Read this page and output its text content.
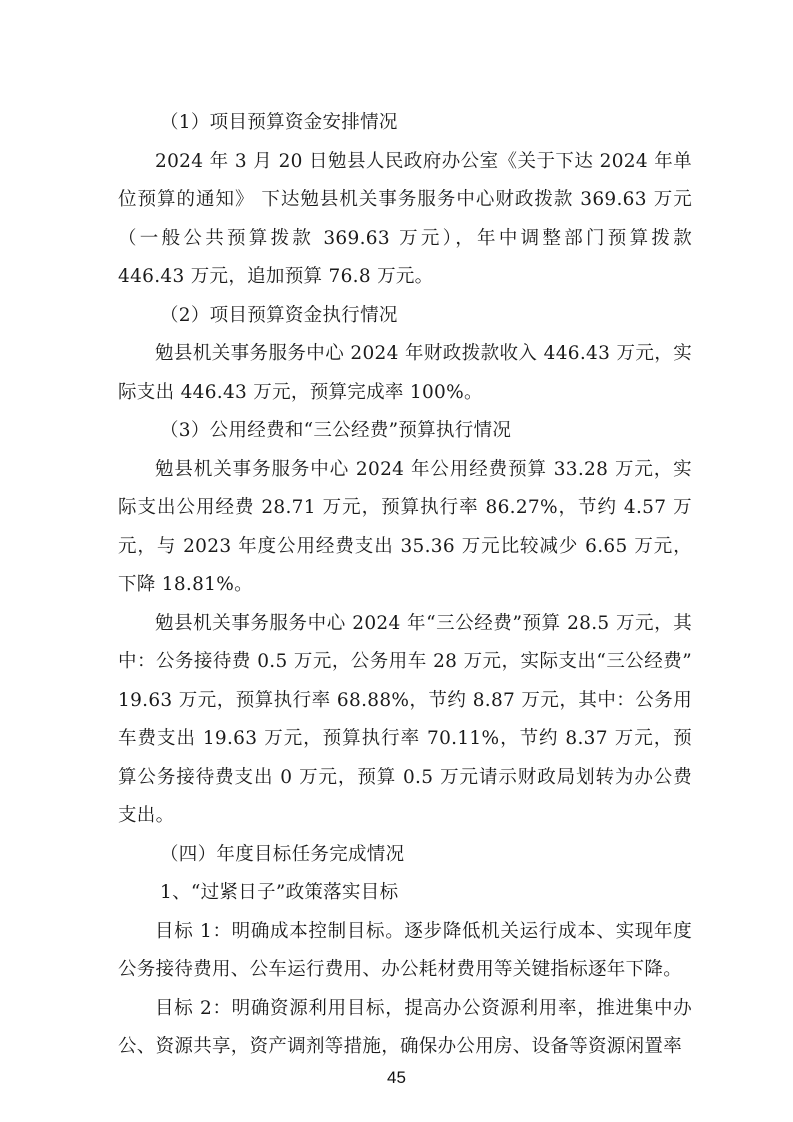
（1）项目预算资金安排情况

2024 年 3 月 20 日勉县人民政府办公室《关于下达 2024 年单位预算的通知》 下达勉县机关事务服务中心财政拨款 369.63 万元（一般公共预算拨款 369.63 万元），年中调整部门预算拨款 446.43 万元，追加预算 76.8 万元。

（2）项目预算资金执行情况

勉县机关事务服务中心 2024 年财政拨款收入 446.43 万元，实际支出 446.43 万元，预算完成率 100%。

（3）公用经费和“三公经费”预算执行情况

勉县机关事务服务中心 2024 年公用经费预算 33.28 万元，实际支出公用经费 28.71 万元，预算执行率 86.27%，节约 4.57 万元，与 2023 年度公用经费支出 35.36 万元比较减少 6.65 万元，下降 18.81%。

勉县机关事务服务中心 2024 年“三公经费”预算 28.5 万元，其中：公务接待费 0.5 万元，公务用车 28 万元，实际支出“三公经费” 19.63 万元，预算执行率 68.88%，节约 8.87 万元，其中：公务用车费支出 19.63 万元，预算执行率 70.11%，节约 8.37 万元，预算公务接待费支出 0 万元，预算 0.5 万元请示财政局划转为办公费支出。

（四）年度目标任务完成情况

1、“过紧日子”政策落实目标

目标 1：明确成本控制目标。逐步降低机关运行成本、实现年度公务接待费用、公车运行费用、办公耗材费用等关键指标逐年下降。

目标 2：明确资源利用目标，提高办公资源利用率，推进集中办公、资源共享，资产调剂等措施，确保办公用房、设备等资源闲置率

45
